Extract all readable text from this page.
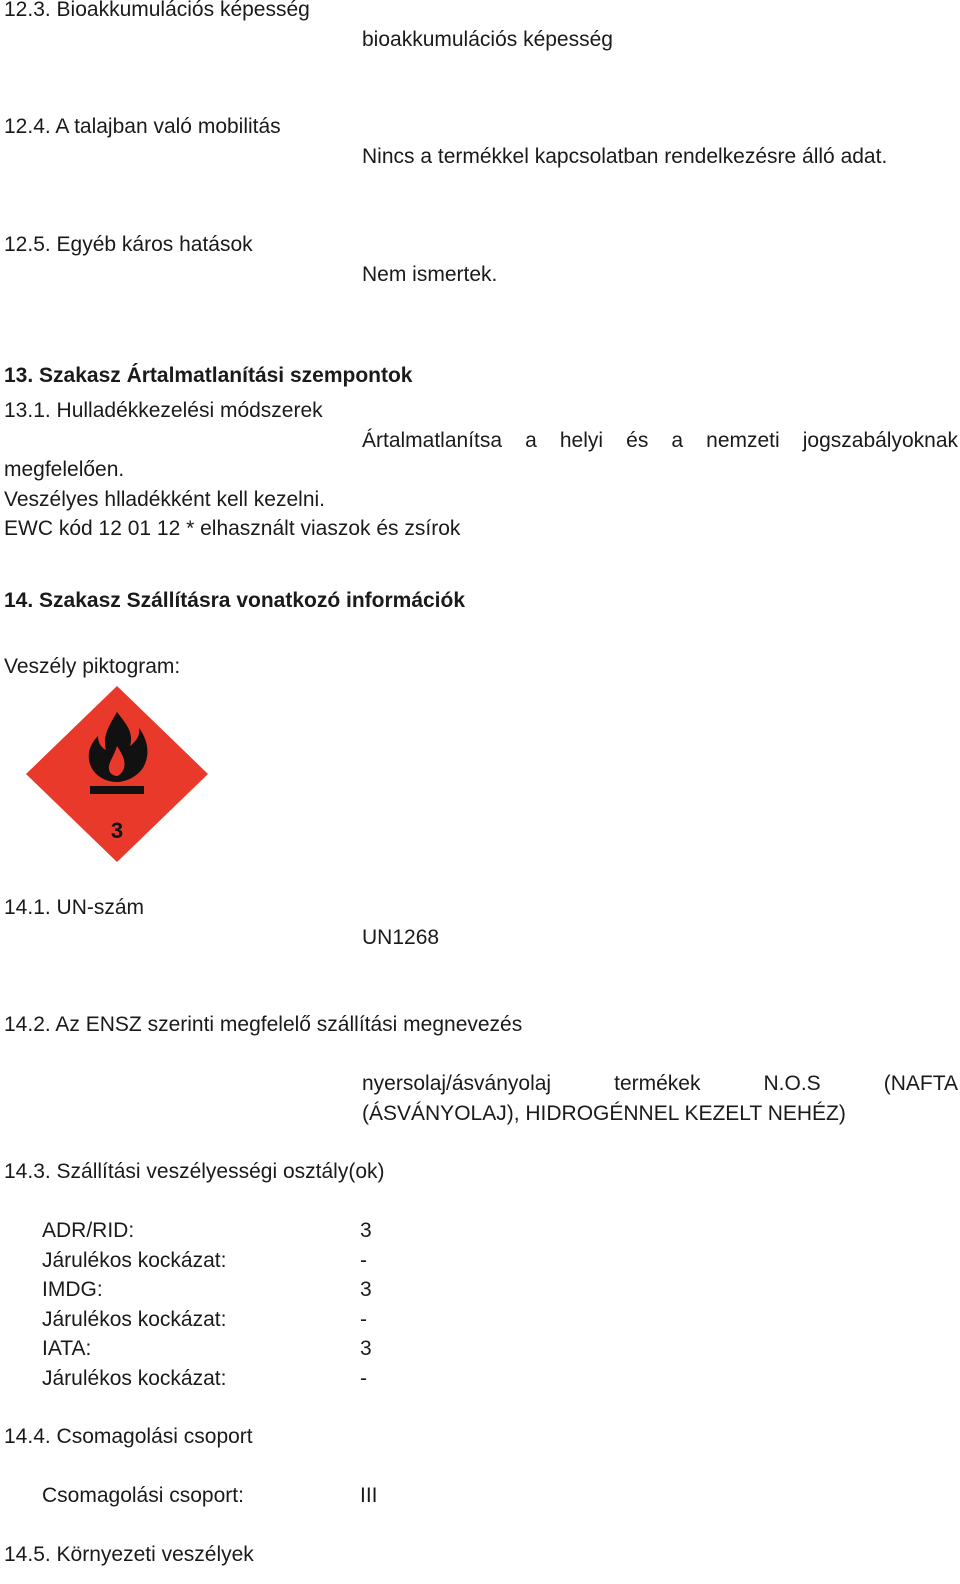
12.3. Bioakkumulációs képesség
bioakkumulációs képesség
12.4. A talajban való mobilitás
Nincs a termékkel kapcsolatban rendelkezésre álló adat.
12.5. Egyéb káros hatások
Nem ismertek.
13. Szakasz Ártalmatlanítási szempontok
13.1. Hulladékkezelési módszerek
Ártalmatlanítsa a helyi és a nemzeti jogszabályoknak
megfelelően.
Veszélyes hlladékként kell kezelni.
EWC kód 12 01 12 * elhasznált viaszok és zsírok
14. Szakasz Szállításra vonatkozó információk
Veszély piktogram:
3
14.1. UN-szám
UN1268
14.2. Az ENSZ szerinti megfelelő szállítási megnevezés
nyersolaj/ásványolaj	termékek	N.O.S	(NAFTA
(ÁSVÁNYOLAJ), HIDROGÉNNEL KEZELT NEHÉZ)
14.3. Szállítási veszélyességi osztály(ok)
ADR/RID:	3
Járulékos kockázat:	-
IMDG:	3
Járulékos kockázat:	-
IATA:	3
Járulékos kockázat:	-
14.4. Csomagolási csoport
Csomagolási csoport:	III
14.5. Környezeti veszélyek
